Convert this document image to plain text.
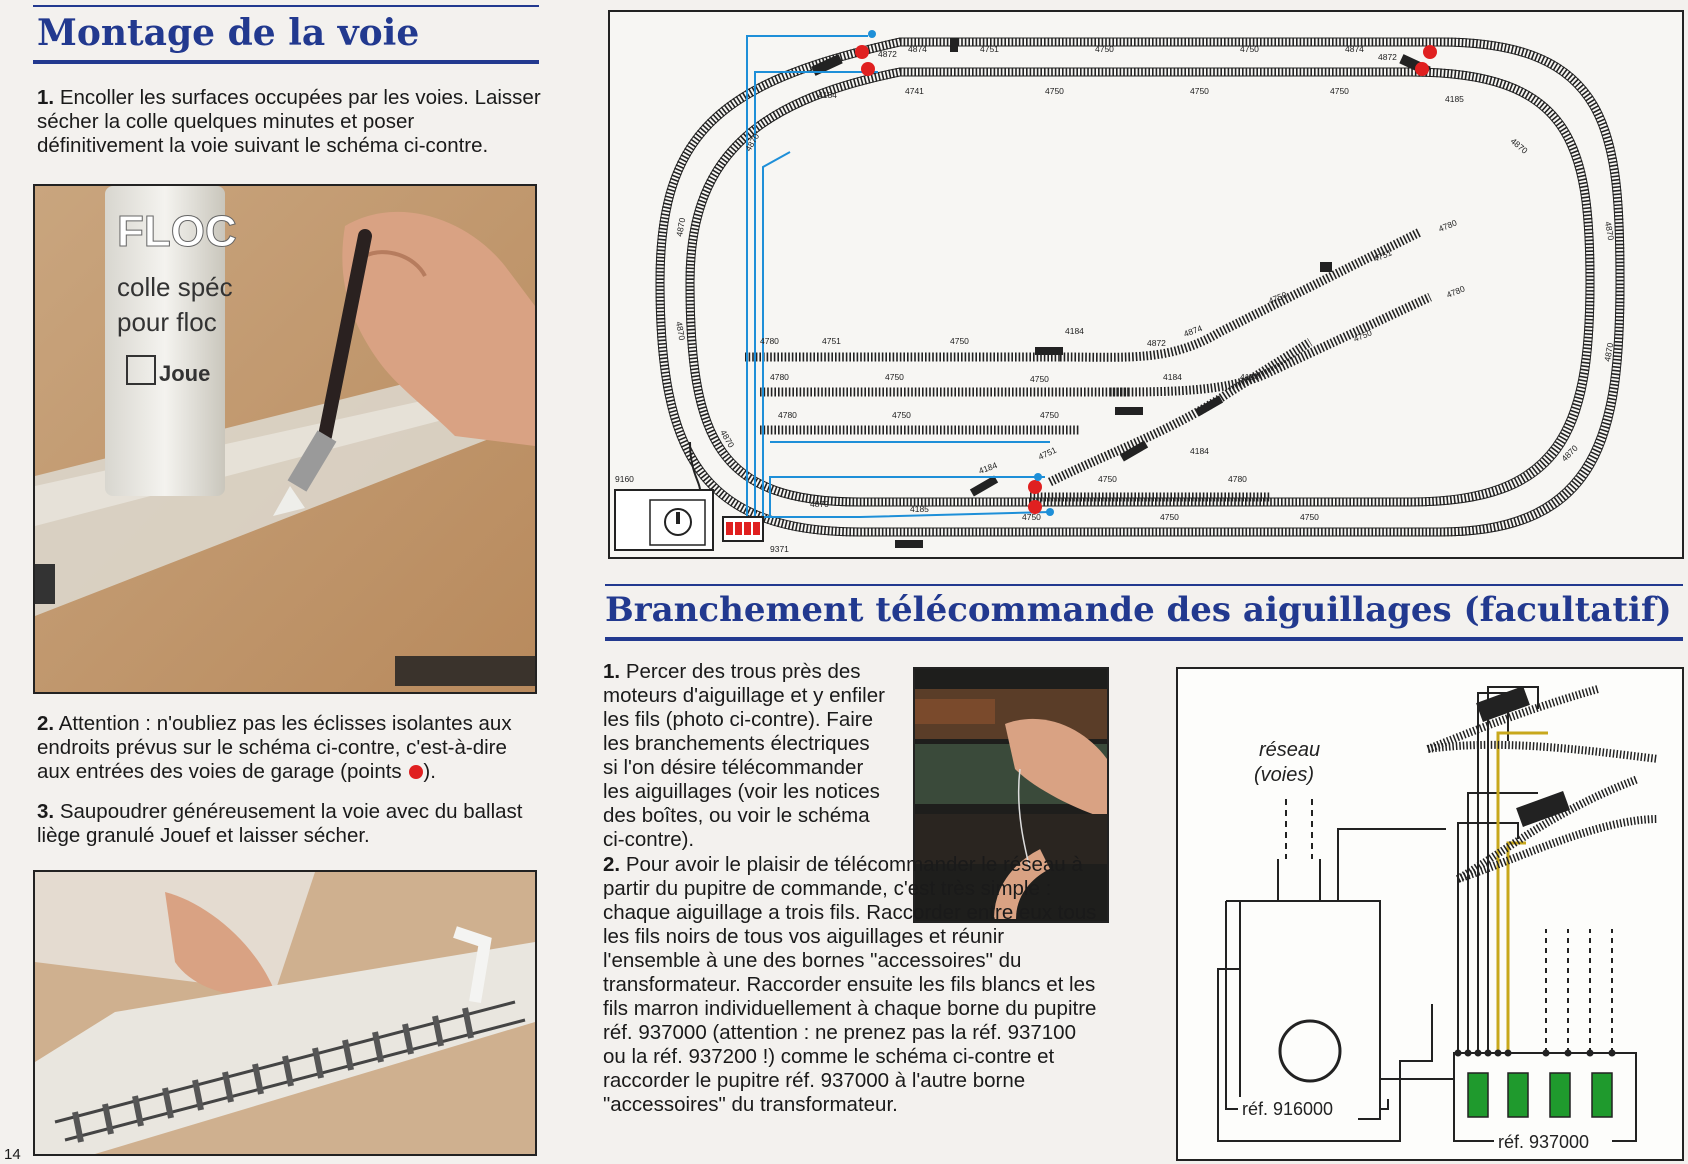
Montage de la voie
1. Encoller les surfaces occupées par les voies. Laisser sécher la colle quelques minutes et poser définitivement la voie suivant le schéma ci-contre.
FLOC
colle spéc
pour floc
Joue
2. Attention : n'oubliez pas les éclisses isolantes aux endroits prévus sur le schéma ci-contre, c'est-à-dire aux entrées des voies de garage (points ).
3. Saupoudrer généreusement la voie avec du ballast liège granulé Jouef et laisser sécher.
14
9160
9371
4872 4874	4751	4750	4750	4874
4872
4184	4741	4750	4750	4750
4185
4870
4870
4870
4870
4870
4870
4870
4870
4870
4780	4751	4750
4184
4872
4874
4750
4751
4780
4780	4750	4750	4184	4184
4750
4780
4780	4750	4750
4751	4184
4184
4750	4780
4185
4750	4750	4750
Branchement télécommande des aiguillages (facultatif)
1. Percer des trous près des moteurs d'aiguillage et y enfiler les fils (photo ci-contre). Faire les branchements électriques si l'on désire télécommander les aiguillages (voir les notices des boîtes, ou voir le schéma ci-contre).
2. Pour avoir le plaisir de télécommander le réseau à partir du pupitre de commande, c'est très simple : chaque aiguillage a trois fils. Raccorder entre eux tous les fils noirs de tous vos aiguillages et réunir l'ensemble à une des bornes "accessoires" du transformateur. Raccorder ensuite les fils blancs et les fils marron individuellement à chaque borne du pupitre réf. 937000 (attention : ne prenez pas la réf. 937100 ou la réf. 937200 !) comme le schéma ci-contre et raccorder le pupitre réf. 937000 à l'autre borne "accessoires" du transformateur.
réseau
(voies)
réf. 916000
réf. 937000
